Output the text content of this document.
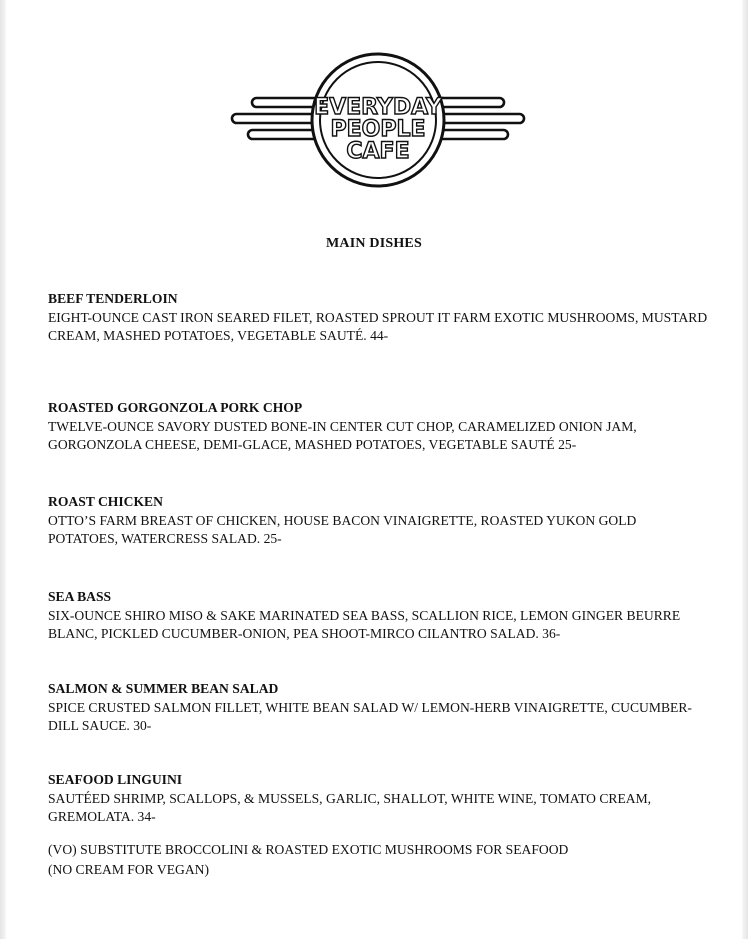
EVERYDAY
PEOPLE
CAFE
MAIN DISHES
BEEF TENDERLOIN
EIGHT-OUNCE CAST IRON SEARED FILET, ROASTED SPROUT IT FARM EXOTIC MUSHROOMS, MUSTARD CREAM, MASHED POTATOES, VEGETABLE SAUTÉ. 44-
ROASTED GORGONZOLA PORK CHOP
TWELVE-OUNCE SAVORY DUSTED BONE-IN CENTER CUT CHOP, CARAMELIZED ONION JAM, GORGONZOLA CHEESE, DEMI-GLACE, MASHED POTATOES, VEGETABLE SAUTÉ 25-
ROAST CHICKEN
OTTO’S FARM BREAST OF CHICKEN, HOUSE BACON VINAIGRETTE, ROASTED YUKON GOLD POTATOES, WATERCRESS SALAD. 25-
SEA BASS
SIX-OUNCE SHIRO MISO & SAKE MARINATED SEA BASS, SCALLION RICE, LEMON GINGER BEURRE BLANC, PICKLED CUCUMBER-ONION, PEA SHOOT-MIRCO CILANTRO SALAD. 36-
SALMON & SUMMER BEAN SALAD
SPICE CRUSTED SALMON FILLET, WHITE BEAN SALAD W/ LEMON-HERB VINAIGRETTE, CUCUMBER-DILL SAUCE. 30-
SEAFOOD LINGUINI
SAUTÉED SHRIMP, SCALLOPS, & MUSSELS, GARLIC, SHALLOT, WHITE WINE, TOMATO CREAM, GREMOLATA. 34-
(VO) SUBSTITUTE BROCCOLINI & ROASTED EXOTIC MUSHROOMS FOR SEAFOOD
(NO CREAM FOR VEGAN)
